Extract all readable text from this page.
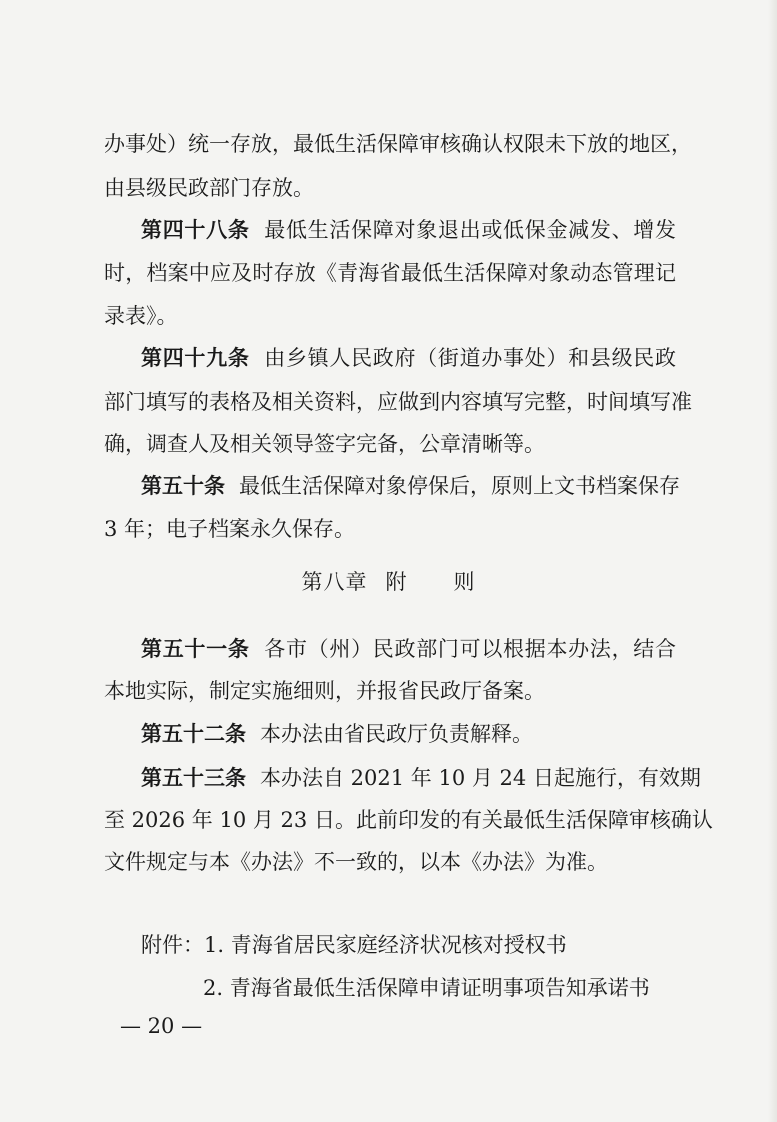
办事处）统一存放，最低生活保障审核确认权限未下放的地区，
由县级民政部门存放。
第四十八条 最低生活保障对象退出或低保金减发、增发
时，档案中应及时存放《青海省最低生活保障对象动态管理记
录表》。
第四十九条 由乡镇人民政府（街道办事处）和县级民政
部门填写的表格及相关资料，应做到内容填写完整，时间填写准
确，调查人及相关领导签字完备，公章清晰等。
第五十条 最低生活保障对象停保后，原则上文书档案保存
3 年；电子档案永久保存。
第八章 附 则
第五十一条 各市（州）民政部门可以根据本办法，结合
本地实际，制定实施细则，并报省民政厅备案。
第五十二条 本办法由省民政厅负责解释。
第五十三条 本办法自 2021 年 10 月 24 日起施行，有效期
至 2026 年 10 月 23 日。此前印发的有关最低生活保障审核确认
文件规定与本《办法》不一致的，以本《办法》为准。
附件：1. 青海省居民家庭经济状况核对授权书
2. 青海省最低生活保障申请证明事项告知承诺书
— 20 —
